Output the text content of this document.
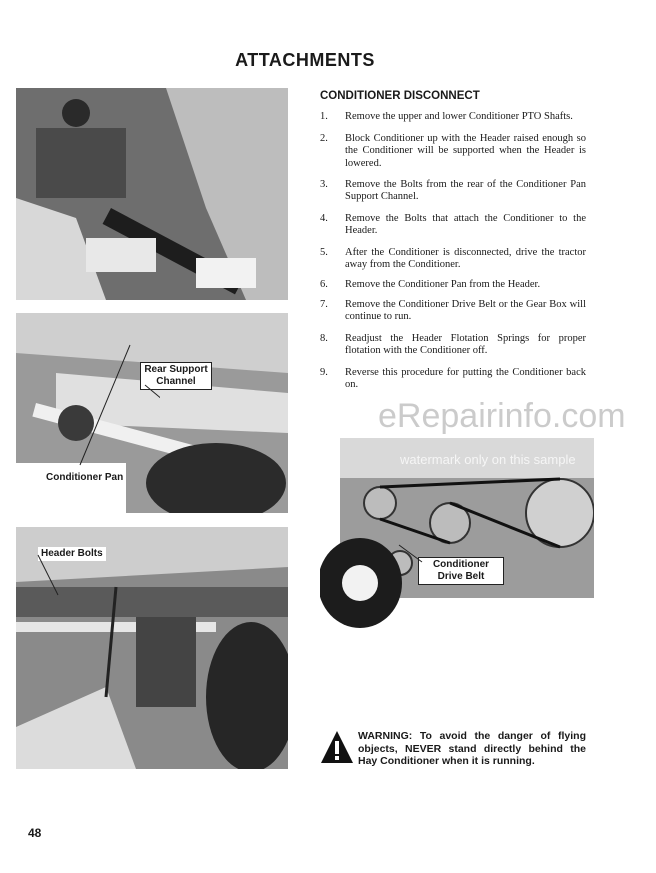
ATTACHMENTS
Rear Support Channel
Conditioner Pan
Header Bolts
Conditioner Drive Belt
CONDITIONER DISCONNECT
1. Remove the upper and lower Conditioner PTO Shafts.
2. Block Conditioner up with the Header raised enough so the Conditioner will be supported when the Header is lowered.
3. Remove the Bolts from the rear of the Conditioner Pan Support Channel.
4. Remove the Bolts that attach the Conditioner to the Header.
5. After the Conditioner is disconnected, drive the tractor away from the Conditioner.
6. Remove the Conditioner Pan from the Header.
7. Remove the Conditioner Drive Belt or the Gear Box will continue to run.
8. Readjust the Header Flotation Springs for proper flotation with the Conditioner off.
9. Reverse this procedure for putting the Conditioner back on.
eRepairinfo.com
watermark only on this sample
WARNING: To avoid the danger of flying objects, NEVER stand directly behind the Hay Conditioner when it is running.
48
